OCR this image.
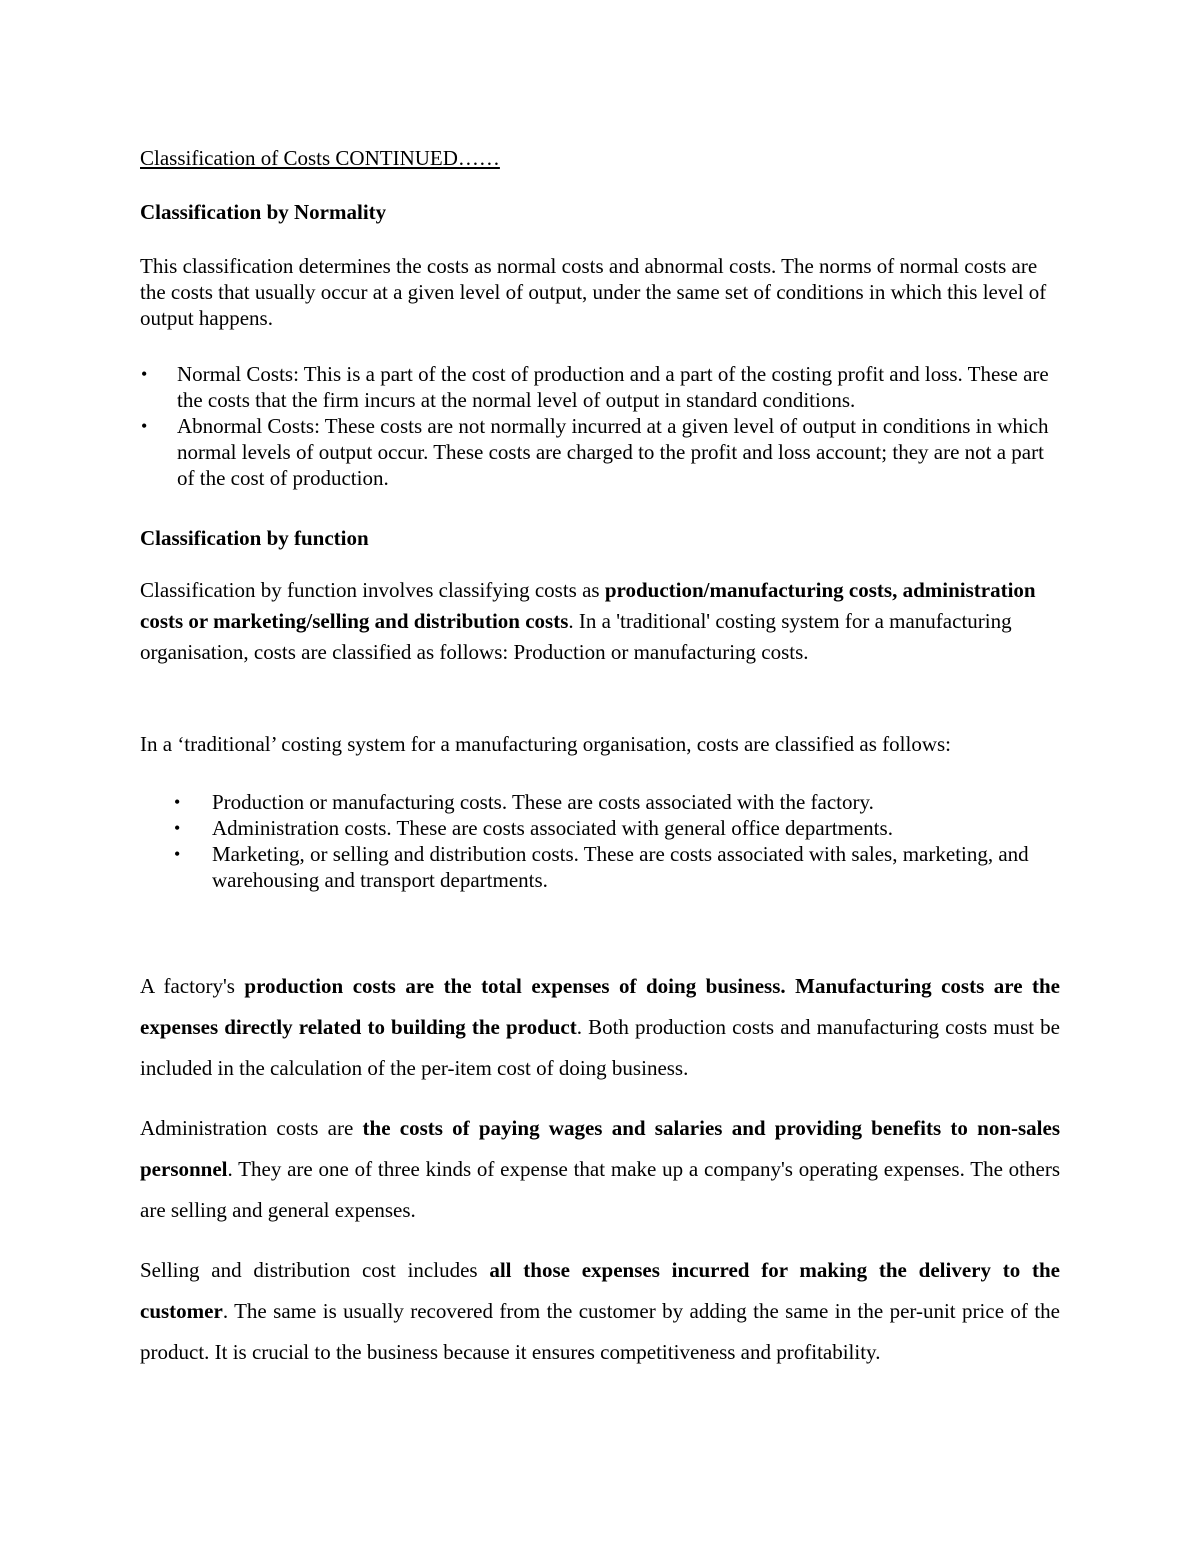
Classification of Costs CONTINUED……

Classification by Normality

This classification determines the costs as normal costs and abnormal costs. The norms of normal costs are the costs that usually occur at a given level of output, under the same set of conditions in which this level of output happens.

• Normal Costs: This is a part of the cost of production and a part of the costing profit and loss. These are the costs that the firm incurs at the normal level of output in standard conditions.
• Abnormal Costs: These costs are not normally incurred at a given level of output in conditions in which normal levels of output occur. These costs are charged to the profit and loss account; they are not a part of the cost of production.

Classification by function

Classification by function involves classifying costs as production/manufacturing costs, administration costs or marketing/selling and distribution costs. In a 'traditional' costing system for a manufacturing organisation, costs are classified as follows: Production or manufacturing costs.

In a ‘traditional’ costing system for a manufacturing organisation, costs are classified as follows:

• Production or manufacturing costs. These are costs associated with the factory.
• Administration costs. These are costs associated with general office departments.
• Marketing, or selling and distribution costs. These are costs associated with sales, marketing, and warehousing and transport departments.

A factory's production costs are the total expenses of doing business. Manufacturing costs are the expenses directly related to building the product. Both production costs and manufacturing costs must be included in the calculation of the per-item cost of doing business.

Administration costs are the costs of paying wages and salaries and providing benefits to non-sales personnel. They are one of three kinds of expense that make up a company's operating expenses. The others are selling and general expenses.

Selling and distribution cost includes all those expenses incurred for making the delivery to the customer. The same is usually recovered from the customer by adding the same in the per-unit price of the product. It is crucial to the business because it ensures competitiveness and profitability.
